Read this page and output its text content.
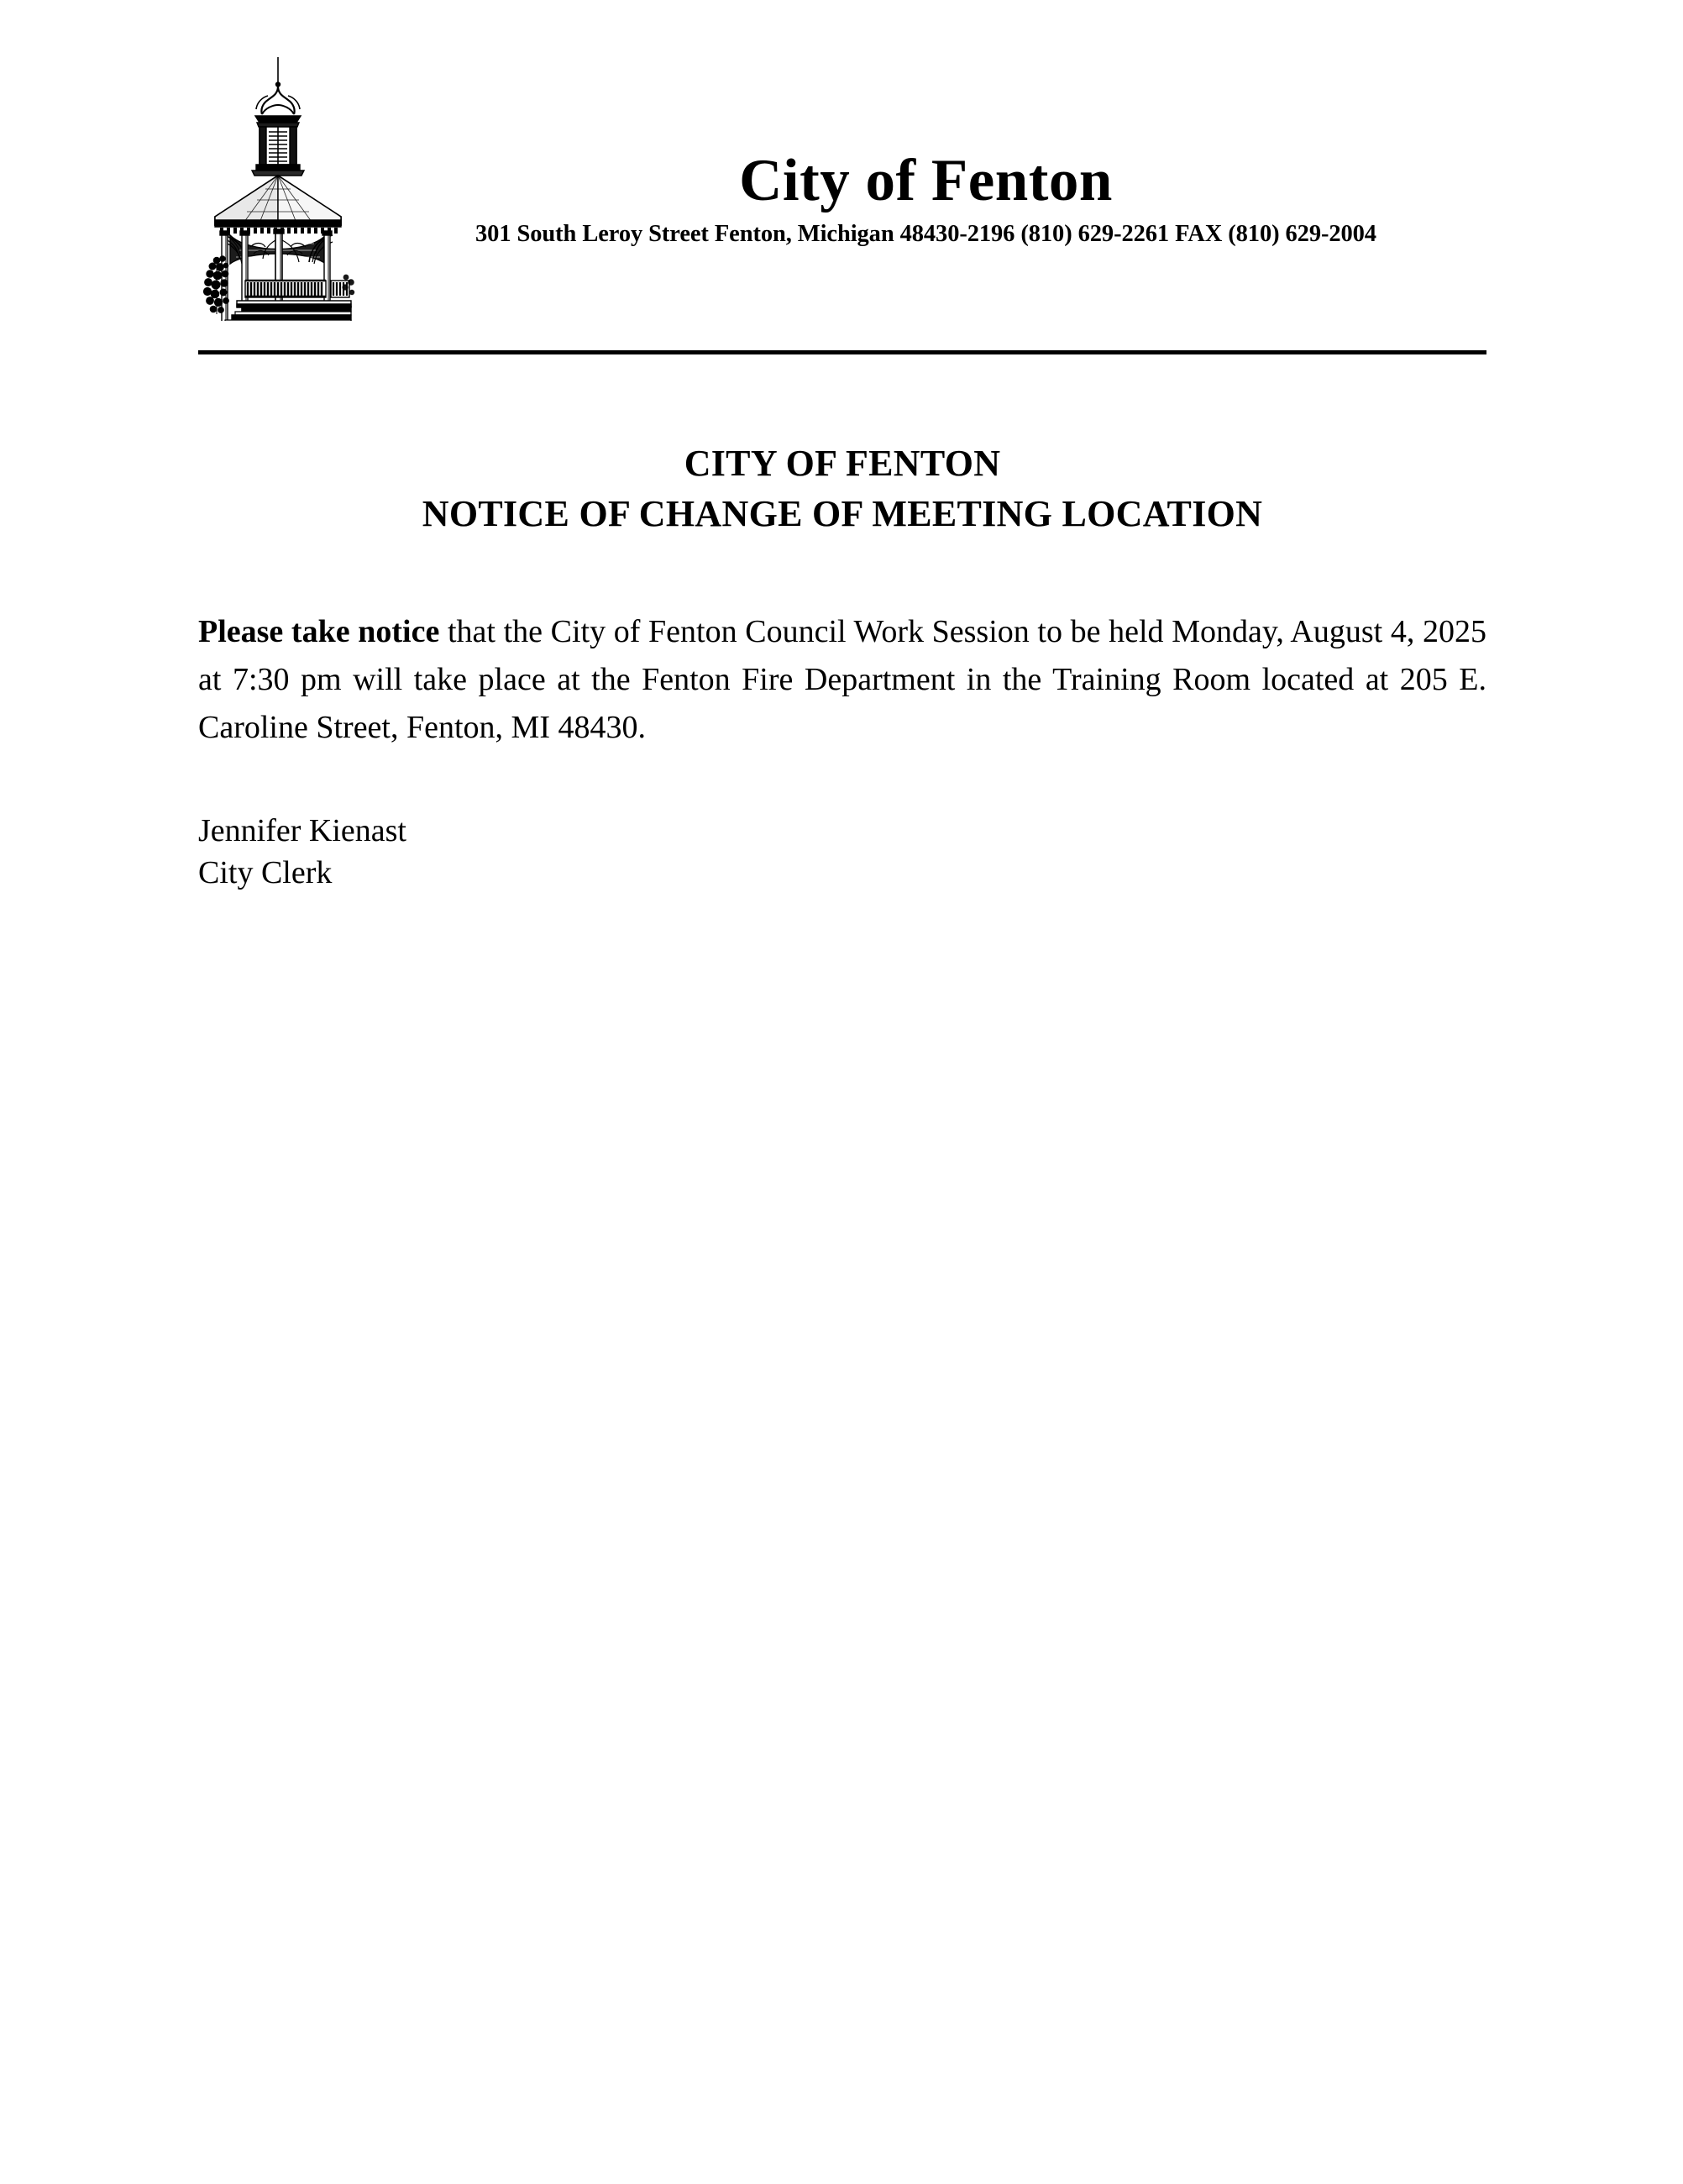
City of Fenton
301 South Leroy Street Fenton, Michigan 48430-2196 (810) 629-2261 FAX (810) 629-2004
CITY OF FENTON
NOTICE OF CHANGE OF MEETING LOCATION

Please take notice that the City of Fenton Council Work Session to be held Monday, August 4, 2025 at 7:30 pm will take place at the Fenton Fire Department in the Training Room located at 205 E. Caroline Street, Fenton, MI 48430.

Jennifer Kienast
City Clerk
